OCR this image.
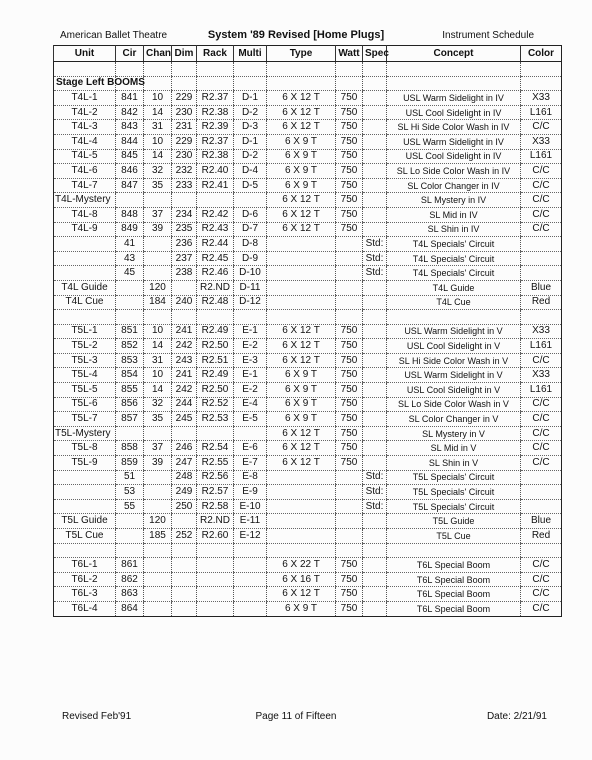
American Ballet Theatre	System '89 Revised [Home Plugs]	Instrument Schedule
Unit	Cir	Chan	Dim	Rack	Multi	Type	Watt	Spec	Concept	Color

Stage Left BOOMS										
T4L-1	841	10	229	R2.37	D-1	6 X 12 T	750		USL Warm Sidelight in IV	X33
T4L-2	842	14	230	R2.38	D-2	6 X 12 T	750		USL Cool Sidelight in IV	L161
T4L-3	843	31	231	R2.39	D-3	6 X 12 T	750		SL Hi Side Color Wash in IV	C/C
T4L-4	844	10	229	R2.37	D-1	6 X 9 T	750		USL Warm Sidelight in IV	X33
T4L-5	845	14	230	R2.38	D-2	6 X 9 T	750		USL Cool Sidelight in IV	L161
T4L-6	846	32	232	R2.40	D-4	6 X 9 T	750		SL Lo Side Color Wash in IV	C/C
T4L-7	847	35	233	R2.41	D-5	6 X 9 T	750		SL Color Changer in IV	C/C
T4L-Mystery						6 X 12 T	750		SL Mystery in IV	C/C
T4L-8	848	37	234	R2.42	D-6	6 X 12 T	750		SL Mid in IV	C/C
T4L-9	849	39	235	R2.43	D-7	6 X 12 T	750		SL Shin in IV	C/C
	41		236	R2.44	D-8			Std:	T4L Specials' Circuit	
	43		237	R2.45	D-9			Std:	T4L Specials' Circuit	
	45		238	R2.46	D-10			Std:	T4L Specials' Circuit	
T4L Guide		120		R2.ND	D-11				T4L Guide	Blue
T4L Cue		184	240	R2.48	D-12				T4L Cue	Red

T5L-1	851	10	241	R2.49	E-1	6 X 12 T	750		USL Warm Sidelight in V	X33
T5L-2	852	14	242	R2.50	E-2	6 X 12 T	750		USL Cool Sidelight in V	L161
T5L-3	853	31	243	R2.51	E-3	6 X 12 T	750		SL Hi Side Color Wash in V	C/C
T5L-4	854	10	241	R2.49	E-1	6 X 9 T	750		USL Warm Sidelight in V	X33
T5L-5	855	14	242	R2.50	E-2	6 X 9 T	750		USL Cool Sidelight in V	L161
T5L-6	856	32	244	R2.52	E-4	6 X 9 T	750		SL Lo Side Color Wash in V	C/C
T5L-7	857	35	245	R2.53	E-5	6 X 9 T	750		SL Color Changer in V	C/C
T5L-Mystery						6 X 12 T	750		SL Mystery in V	C/C
T5L-8	858	37	246	R2.54	E-6	6 X 12 T	750		SL Mid in V	C/C
T5L-9	859	39	247	R2.55	E-7	6 X 12 T	750		SL Shin in V	C/C
	51		248	R2.56	E-8			Std:	T5L Specials' Circuit	
	53		249	R2.57	E-9			Std:	T5L Specials' Circuit	
	55		250	R2.58	E-10			Std:	T5L Specials' Circuit	
T5L Guide		120		R2.ND	E-11				T5L Guide	Blue
T5L Cue		185	252	R2.60	E-12				T5L Cue	Red

T6L-1	861					6 X 22 T	750		T6L Special Boom	C/C
T6L-2	862					6 X 16 T	750		T6L Special Boom	C/C
T6L-3	863					6 X 12 T	750		T6L Special Boom	C/C
T6L-4	864					6 X 9 T	750		T6L Special Boom	C/C
Revised Feb'91	Page 11 of Fifteen	Date: 2/21/91
